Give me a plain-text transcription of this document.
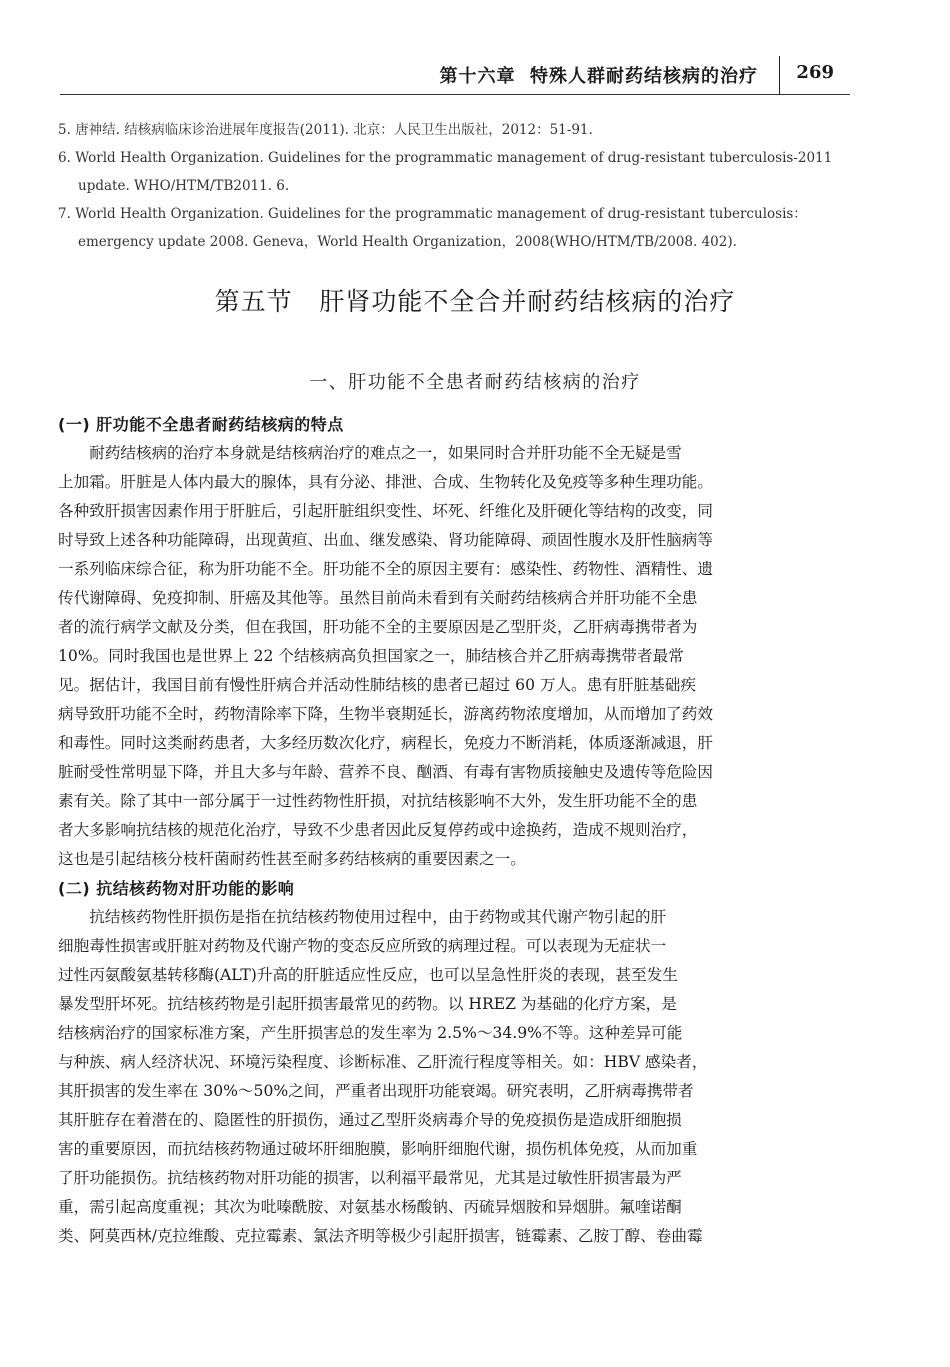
第十六章  特殊人群耐药结核病的治疗 269
5. 唐神结. 结核病临床诊治进展年度报告(2011). 北京：人民卫生出版社，2012：51-91.
6. World Health Organization. Guidelines for the programmatic management of drug-resistant tuberculosis-2011 update. WHO/HTM/TB2011. 6.
7. World Health Organization. Guidelines for the programmatic management of drug-resistant tuberculosis：emergency update 2008. Geneva，World Health Organization，2008(WHO/HTM/TB/2008. 402).
第五节   肝肾功能不全合并耐药结核病的治疗
一、肝功能不全患者耐药结核病的治疗
(一) 肝功能不全患者耐药结核病的特点
耐药结核病的治疗本身就是结核病治疗的难点之一，如果同时合并肝功能不全无疑是雪
上加霜。肝脏是人体内最大的腺体，具有分泌、排泄、合成、生物转化及免疫等多种生理功能。
各种致肝损害因素作用于肝脏后，引起肝脏组织变性、坏死、纤维化及肝硬化等结构的改变，同
时导致上述各种功能障碍，出现黄疸、出血、继发感染、肾功能障碍、顽固性腹水及肝性脑病等
一系列临床综合征，称为肝功能不全。肝功能不全的原因主要有：感染性、药物性、酒精性、遗
传代谢障碍、免疫抑制、肝癌及其他等。虽然目前尚未看到有关耐药结核病合并肝功能不全患
者的流行病学文献及分类，但在我国，肝功能不全的主要原因是乙型肝炎，乙肝病毒携带者为
10%。同时我国也是世界上 22 个结核病高负担国家之一，肺结核合并乙肝病毒携带者最常
见。据估计，我国目前有慢性肝病合并活动性肺结核的患者已超过 60 万人。患有肝脏基础疾
病导致肝功能不全时，药物清除率下降，生物半衰期延长，游离药物浓度增加，从而增加了药效
和毒性。同时这类耐药患者，大多经历数次化疗，病程长，免疫力不断消耗，体质逐渐减退，肝
脏耐受性常明显下降，并且大多与年龄、营养不良、酗酒、有毒有害物质接触史及遗传等危险因
素有关。除了其中一部分属于一过性药物性肝损，对抗结核影响不大外，发生肝功能不全的患
者大多影响抗结核的规范化治疗，导致不少患者因此反复停药或中途换药，造成不规则治疗，
这也是引起结核分枝杆菌耐药性甚至耐多药结核病的重要因素之一。
(二) 抗结核药物对肝功能的影响
抗结核药物性肝损伤是指在抗结核药物使用过程中，由于药物或其代谢产物引起的肝
细胞毒性损害或肝脏对药物及代谢产物的变态反应所致的病理过程。可以表现为无症状一
过性丙氨酸氨基转移酶(ALT)升高的肝脏适应性反应，也可以呈急性肝炎的表现，甚至发生
暴发型肝坏死。抗结核药物是引起肝损害最常见的药物。以 HREZ 为基础的化疗方案，是
结核病治疗的国家标准方案，产生肝损害总的发生率为 2.5%～34.9%不等。这种差异可能
与种族、病人经济状况、环境污染程度、诊断标准、乙肝流行程度等相关。如：HBV 感染者，
其肝损害的发生率在 30%～50%之间，严重者出现肝功能衰竭。研究表明，乙肝病毒携带者
其肝脏存在着潜在的、隐匿性的肝损伤，通过乙型肝炎病毒介导的免疫损伤是造成肝细胞损
害的重要原因，而抗结核药物通过破坏肝细胞膜，影响肝细胞代谢，损伤机体免疫，从而加重
了肝功能损伤。抗结核药物对肝功能的损害，以利福平最常见，尤其是过敏性肝损害最为严
重，需引起高度重视；其次为吡嗪酰胺、对氨基水杨酸钠、丙硫异烟胺和异烟肼。氟喹诺酮
类、阿莫西林/克拉维酸、克拉霉素、氯法齐明等极少引起肝损害，链霉素、乙胺丁醇、卷曲霉
